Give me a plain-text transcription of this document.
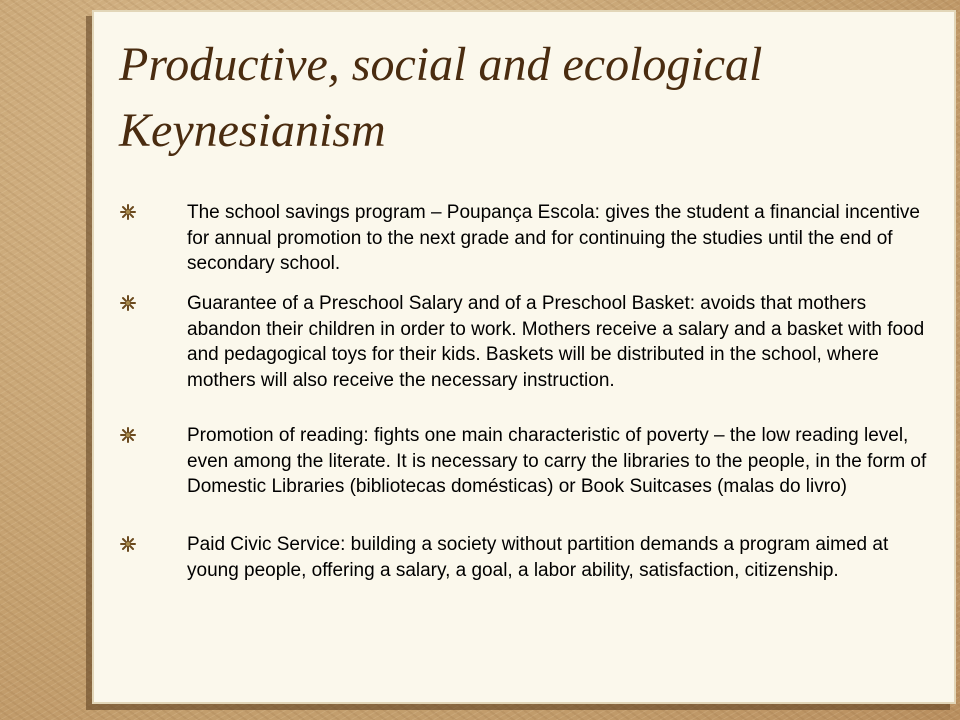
Productive, social and ecological Keynesianism
The school savings program – Poupança Escola: gives the student a financial incentive for annual promotion to the next grade and for continuing the studies until the end of secondary school.
Guarantee of a Preschool Salary and of a Preschool Basket: avoids that mothers abandon their children in order to work. Mothers receive a salary and a basket with food and pedagogical toys for their kids. Baskets will be distributed in the school, where mothers will also receive the necessary instruction.
Promotion of reading: fights one main characteristic of poverty – the low reading level, even among the literate. It is necessary to carry the libraries to the people, in the form of Domestic Libraries (bibliotecas domésticas) or Book Suitcases (malas do livro)
Paid Civic Service: building a society without partition demands a program aimed at young people, offering a salary, a goal, a labor ability, satisfaction, citizenship.
